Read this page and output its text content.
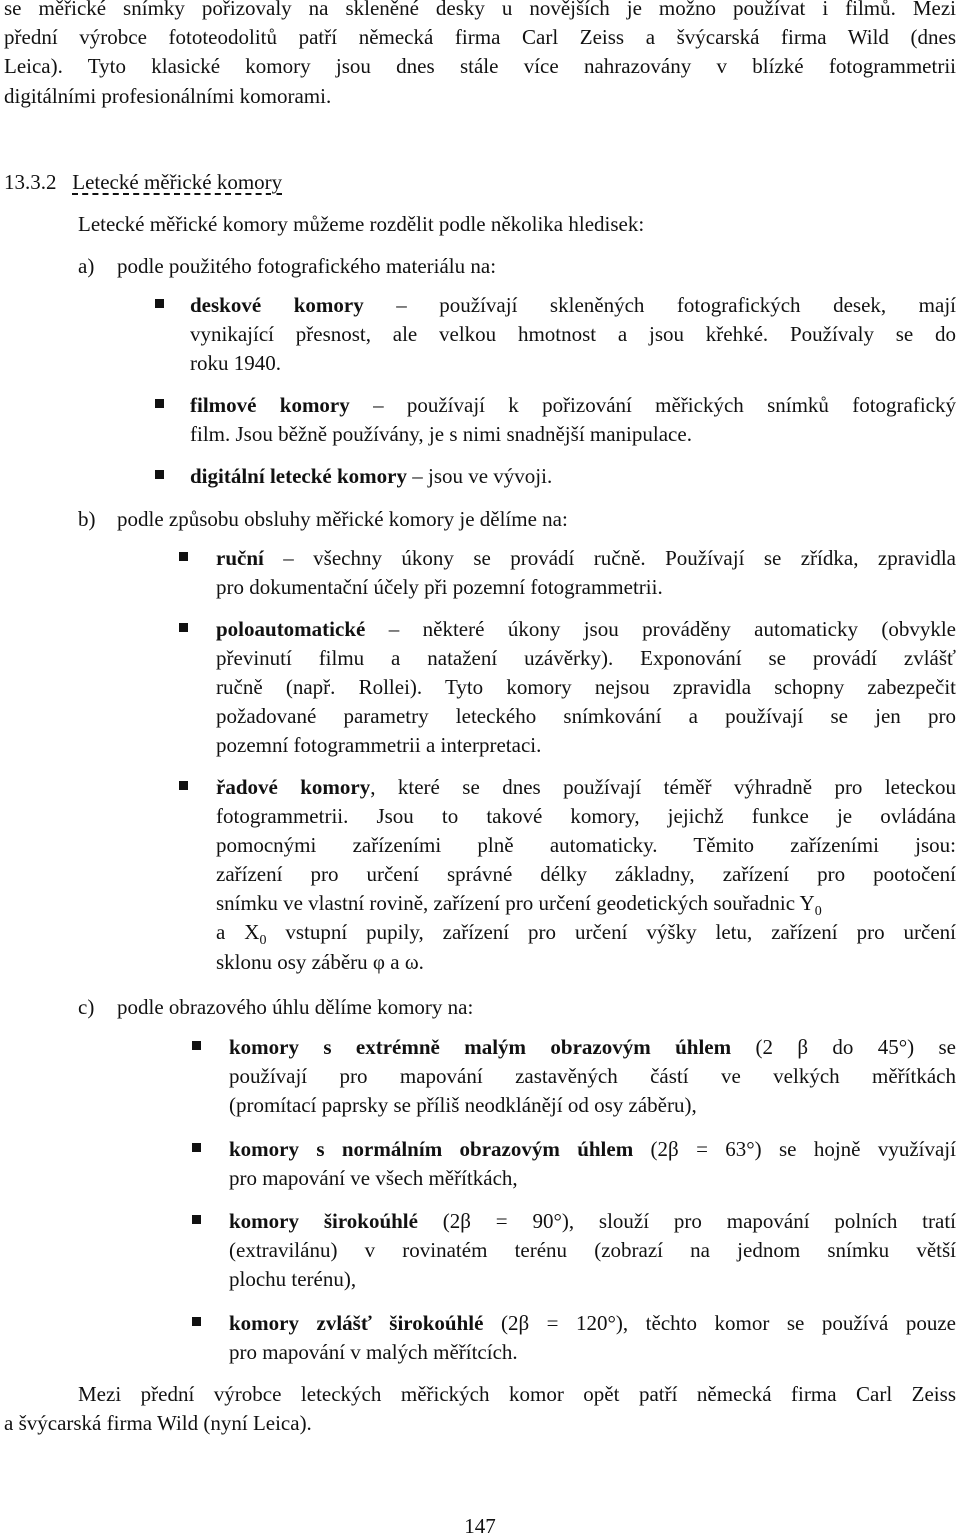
se měřické snímky pořizovaly na skleněné desky u novějších je možno používat i filmů. Mezi
přední výrobce fototeodolitů patří německá firma Carl Zeiss a švýcarská firma Wild (dnes
Leica). Tyto klasické komory jsou dnes stále více nahrazovány v blízké fotogrammetrii
digitálními profesionálními komorami.
13.3.2 Letecké měřické komory
Letecké měřické komory můžeme rozdělit podle několika hledisek:
a) podle použitého fotografického materiálu na:
deskové komory – používají skleněných fotografických desek, mají
vynikající přesnost, ale velkou hmotnost a jsou křehké. Používaly se do
roku 1940.
filmové komory – používají k pořizování měřických snímků fotografický
film. Jsou běžně používány, je s nimi snadnější manipulace.
digitální letecké komory – jsou ve vývoji.
b) podle způsobu obsluhy měřické komory je dělíme na:
ruční – všechny úkony se provádí ručně. Používají se zřídka, zpravidla
pro dokumentační účely při pozemní fotogrammetrii.
poloautomatické – některé úkony jsou prováděny automaticky (obvykle
převinutí filmu a natažení uzávěrky). Exponování se provádí zvlášť
ručně (např. Rollei). Tyto komory nejsou zpravidla schopny zabezpečit
požadované parametry leteckého snímkování a používají se jen pro
pozemní fotogrammetrii a interpretaci.
řadové komory, které se dnes používají téměř výhradně pro leteckou
fotogrammetrii. Jsou to takové komory, jejichž funkce je ovládána
pomocnými zařízeními plně automaticky. Těmito zařízeními jsou:
zařízení pro určení správné délky základny, zařízení pro pootočení
snímku ve vlastní rovině, zařízení pro určení geodetických souřadnic $Y_0$
a $X_0$ vstupní pupily, zařízení pro určení výšky letu, zařízení pro určení
sklonu osy záběru φ a ω.
c) podle obrazového úhlu dělíme komory na:
komory s extrémně malým obrazovým úhlem (2 β do 45°) se
používají pro mapování zastavěných částí ve velkých měřítkách
(promítací paprsky se příliš neodklánějí od osy záběru),
komory s normálním obrazovým úhlem (2β = 63°) se hojně využívají
pro mapování ve všech měřítkách,
komory širokoúhlé (2β = 90°), slouží pro mapování polních tratí
(extravilánu) v rovinatém terénu (zobrazí na jednom snímku větší
plochu terénu),
komory zvlášť širokoúhlé (2β = 120°), těchto komor se používá pouze
pro mapování v malých měřítcích.
Mezi přední výrobce leteckých měřických komor opět patří německá firma Carl Zeiss
a švýcarská firma Wild (nyní Leica).
147
